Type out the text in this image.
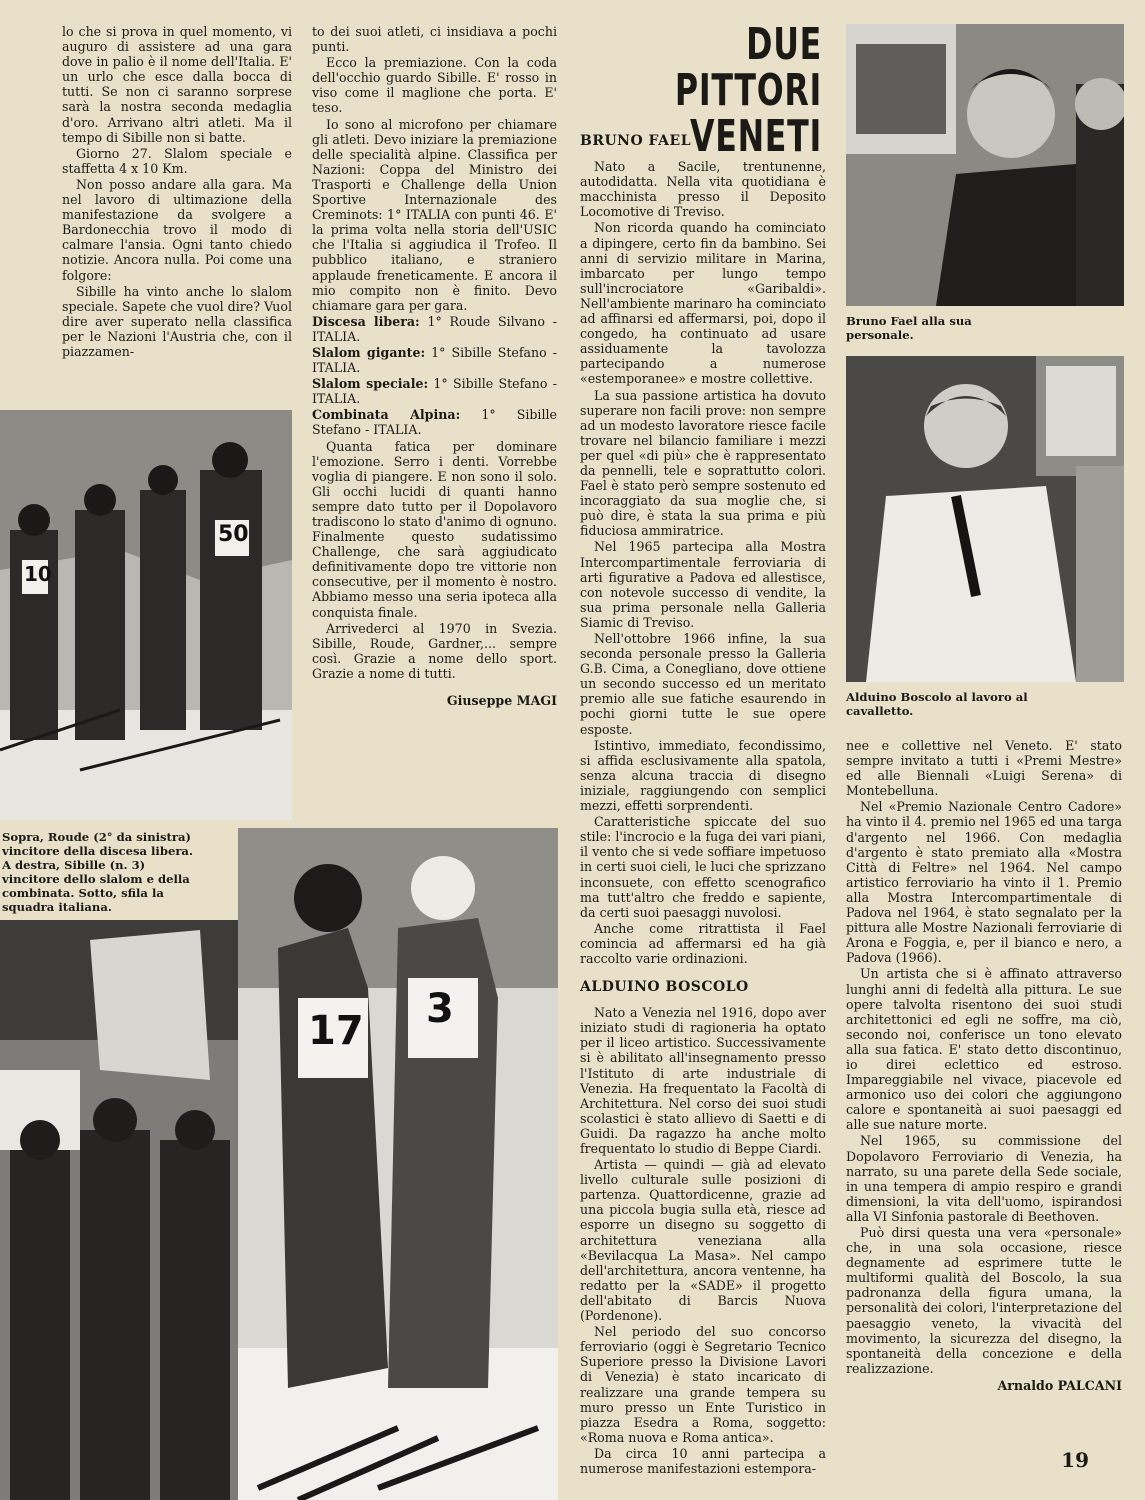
lo che si prova in quel momento, vi auguro di assistere ad una gara dove in palio è il nome dell'Italia. E' un urlo che esce dalla bocca di tutti. Se non ci saranno sorprese sarà la nostra seconda medaglia d'oro. Arrivano altri atleti. Ma il tempo di Sibille non si batte.

Giorno 27. Slalom speciale e staffetta 4 x 10 Km.

Non posso andare alla gara. Ma nel lavoro di ultimazione della manifestazione da svolgere a Bardonecchia trovo il modo di calmare l'ansia. Ogni tanto chiedo notizie. Ancora nulla. Poi come una folgore:

Sibille ha vinto anche lo slalom speciale. Sapete che vuol dire? Vuol dire aver superato nella classifica per le Nazioni l'Austria che, con il piazzamen-

10
50

to dei suoi atleti, ci insidiava a pochi punti.

Ecco la premiazione. Con la coda dell'occhio guardo Sibille. E' rosso in viso come il maglione che porta. E' teso.

Io sono al microfono per chiamare gli atleti. Devo iniziare la premiazione delle specialità alpine. Classifica per Nazioni: Coppa del Ministro dei Trasporti e Challenge della Union Sportive Internazionale des Creminots: 1° ITALIA con punti 46. E' la prima volta nella storia dell'USIC che l'Italia si aggiudica il Trofeo. Il pubblico italiano, e straniero applaude freneticamente. E ancora il mio compito non è finito. Devo chiamare gara per gara.

Discesa libera: 1° Roude Silvano - ITALIA.

Slalom gigante: 1° Sibille Stefano - ITALIA.

Slalom speciale: 1° Sibille Stefano - ITALIA.

Combinata Alpina: 1° Sibille Stefano - ITALIA.

Quanta fatica per dominare l'emozione. Serro i denti. Vorrebbe voglia di piangere. E non sono il solo. Gli occhi lucidi di quanti hanno sempre dato tutto per il Dopolavoro tradiscono lo stato d'animo di ognuno. Finalmente questo sudatissimo Challenge, che sarà aggiudicato definitivamente dopo tre vittorie non consecutive, per il momento è nostro. Abbiamo messo una seria ipoteca alla conquista finale.

Arrivederci al 1970 in Svezia. Sibille, Roude, Gardner,... sempre così. Grazie a nome dello sport. Grazie a nome di tutti.

Giuseppe MAGI
Sopra, Roude (2° da sinistra) vincitore della discesa libera. A destra, Sibille (n. 3) vincitore dello slalom e della combinata. Sotto, sfila la squadra italiana.
17 3
DUE PITTORI VENETI
BRUNO FAEL

Nato a Sacile, trentunenne, autodidatta. Nella vita quotidiana è macchinista presso il Deposito Locomotive di Treviso.

Non ricorda quando ha cominciato a dipingere, certo fin da bambino. Sei anni di servizio militare in Marina, imbarcato per lungo tempo sull'incrociatore «Garibaldi». Nell'ambiente marinaro ha cominciato ad affinarsi ed affermarsi, poi, dopo il congedo, ha continuato ad usare assiduamente la tavolozza partecipando a numerose «estemporanee» e mostre collettive.

La sua passione artistica ha dovuto superare non facili prove: non sempre ad un modesto lavoratore riesce facile trovare nel bilancio familiare i mezzi per quel «di più» che è rappresentato da pennelli, tele e soprattutto colori. Fael è stato però sempre sostenuto ed incoraggiato da sua moglie che, si può dire, è stata la sua prima e più fiduciosa ammiratrice.

Nel 1965 partecipa alla Mostra Intercompartimentale ferroviaria di arti figurative a Padova ed allestisce, con notevole successo di vendite, la sua prima personale nella Galleria Siamic di Treviso.

Nell'ottobre 1966 infine, la sua seconda personale presso la Galleria G.B. Cima, a Conegliano, dove ottiene un secondo successo ed un meritato premio alle sue fatiche esaurendo in pochi giorni tutte le sue opere esposte.

Istintivo, immediato, fecondissimo, si affida esclusivamente alla spatola, senza alcuna traccia di disegno iniziale, raggiungendo con semplici mezzi, effetti sorprendenti.

Caratteristiche spiccate del suo stile: l'incrocio e la fuga dei vari piani, il vento che si vede soffiare impetuoso in certi suoi cieli, le luci che sprizzano inconsuete, con effetto scenografico ma tutt'altro che freddo e sapiente, da certi suoi paesaggi nuvolosi.

Anche come ritrattista il Fael comincia ad affermarsi ed ha già raccolto varie ordinazioni.

ALDUINO BOSCOLO

Nato a Venezia nel 1916, dopo aver iniziato studi di ragioneria ha optato per il liceo artistico. Successivamente si è abilitato all'insegnamento presso l'Istituto di arte industriale di Venezia. Ha frequentato la Facoltà di Architettura. Nel corso dei suoi studi scolastici è stato allievo di Saetti e di Guidi. Da ragazzo ha anche molto frequentato lo studio di Beppe Ciardi.

Artista — quindi — già ad elevato livello culturale sulle posizioni di partenza. Quattordicenne, grazie ad una piccola bugia sulla età, riesce ad esporre un disegno su soggetto di architettura veneziana alla «Bevilacqua La Masa». Nel campo dell'architettura, ancora ventenne, ha redatto per la «SADE» il progetto dell'abitato di Barcis Nuova (Pordenone).

Nel periodo del suo concorso ferroviario (oggi è Segretario Tecnico Superiore presso la Divisione Lavori di Venezia) è stato incaricato di realizzare una grande tempera su muro presso un Ente Turistico in piazza Esedra a Roma, soggetto: «Roma nuova e Roma antica».

Da circa 10 anni partecipa a numerose manifestazioni estempora-

Bruno Fael alla sua personale.
Alduino Boscolo al lavoro al cavalletto.

nee e collettive nel Veneto. E' stato sempre invitato a tutti i «Premi Mestre» ed alle Biennali «Luigi Serena» di Montebelluna.

Nel «Premio Nazionale Centro Cadore» ha vinto il 4. premio nel 1965 ed una targa d'argento nel 1966. Con medaglia d'argento è stato premiato alla «Mostra Città di Feltre» nel 1964. Nel campo artistico ferroviario ha vinto il 1. Premio alla Mostra Intercompartimentale di Padova nel 1964, è stato segnalato per la pittura alle Mostre Nazionali ferroviarie di Arona e Foggia, e, per il bianco e nero, a Padova (1966).

Un artista che si è affinato attraverso lunghi anni di fedeltà alla pittura. Le sue opere talvolta risentono dei suoi studi architettonici ed egli ne soffre, ma ciò, secondo noi, conferisce un tono elevato alla sua fatica. E' stato detto discontinuo, io direi eclettico ed estroso. Impareggiabile nel vivace, piacevole ed armonico uso dei colori che aggiungono calore e spontaneità ai suoi paesaggi ed alle sue nature morte.

Nel 1965, su commissione del Dopolavoro Ferroviario di Venezia, ha narrato, su una parete della Sede sociale, in una tempera di ampio respiro e grandi dimensioni, la vita dell'uomo, ispirandosi alla VI Sinfonia pastorale di Beethoven.

Può dirsi questa una vera «personale» che, in una sola occasione, riesce degnamente ad esprimere tutte le multiformi qualità del Boscolo, la sua padronanza della figura umana, la personalità dei colori, l'interpretazione del paesaggio veneto, la vivacità del movimento, la sicurezza del disegno, la spontaneità della concezione e della realizzazione.

Arnaldo PALCANI
19
